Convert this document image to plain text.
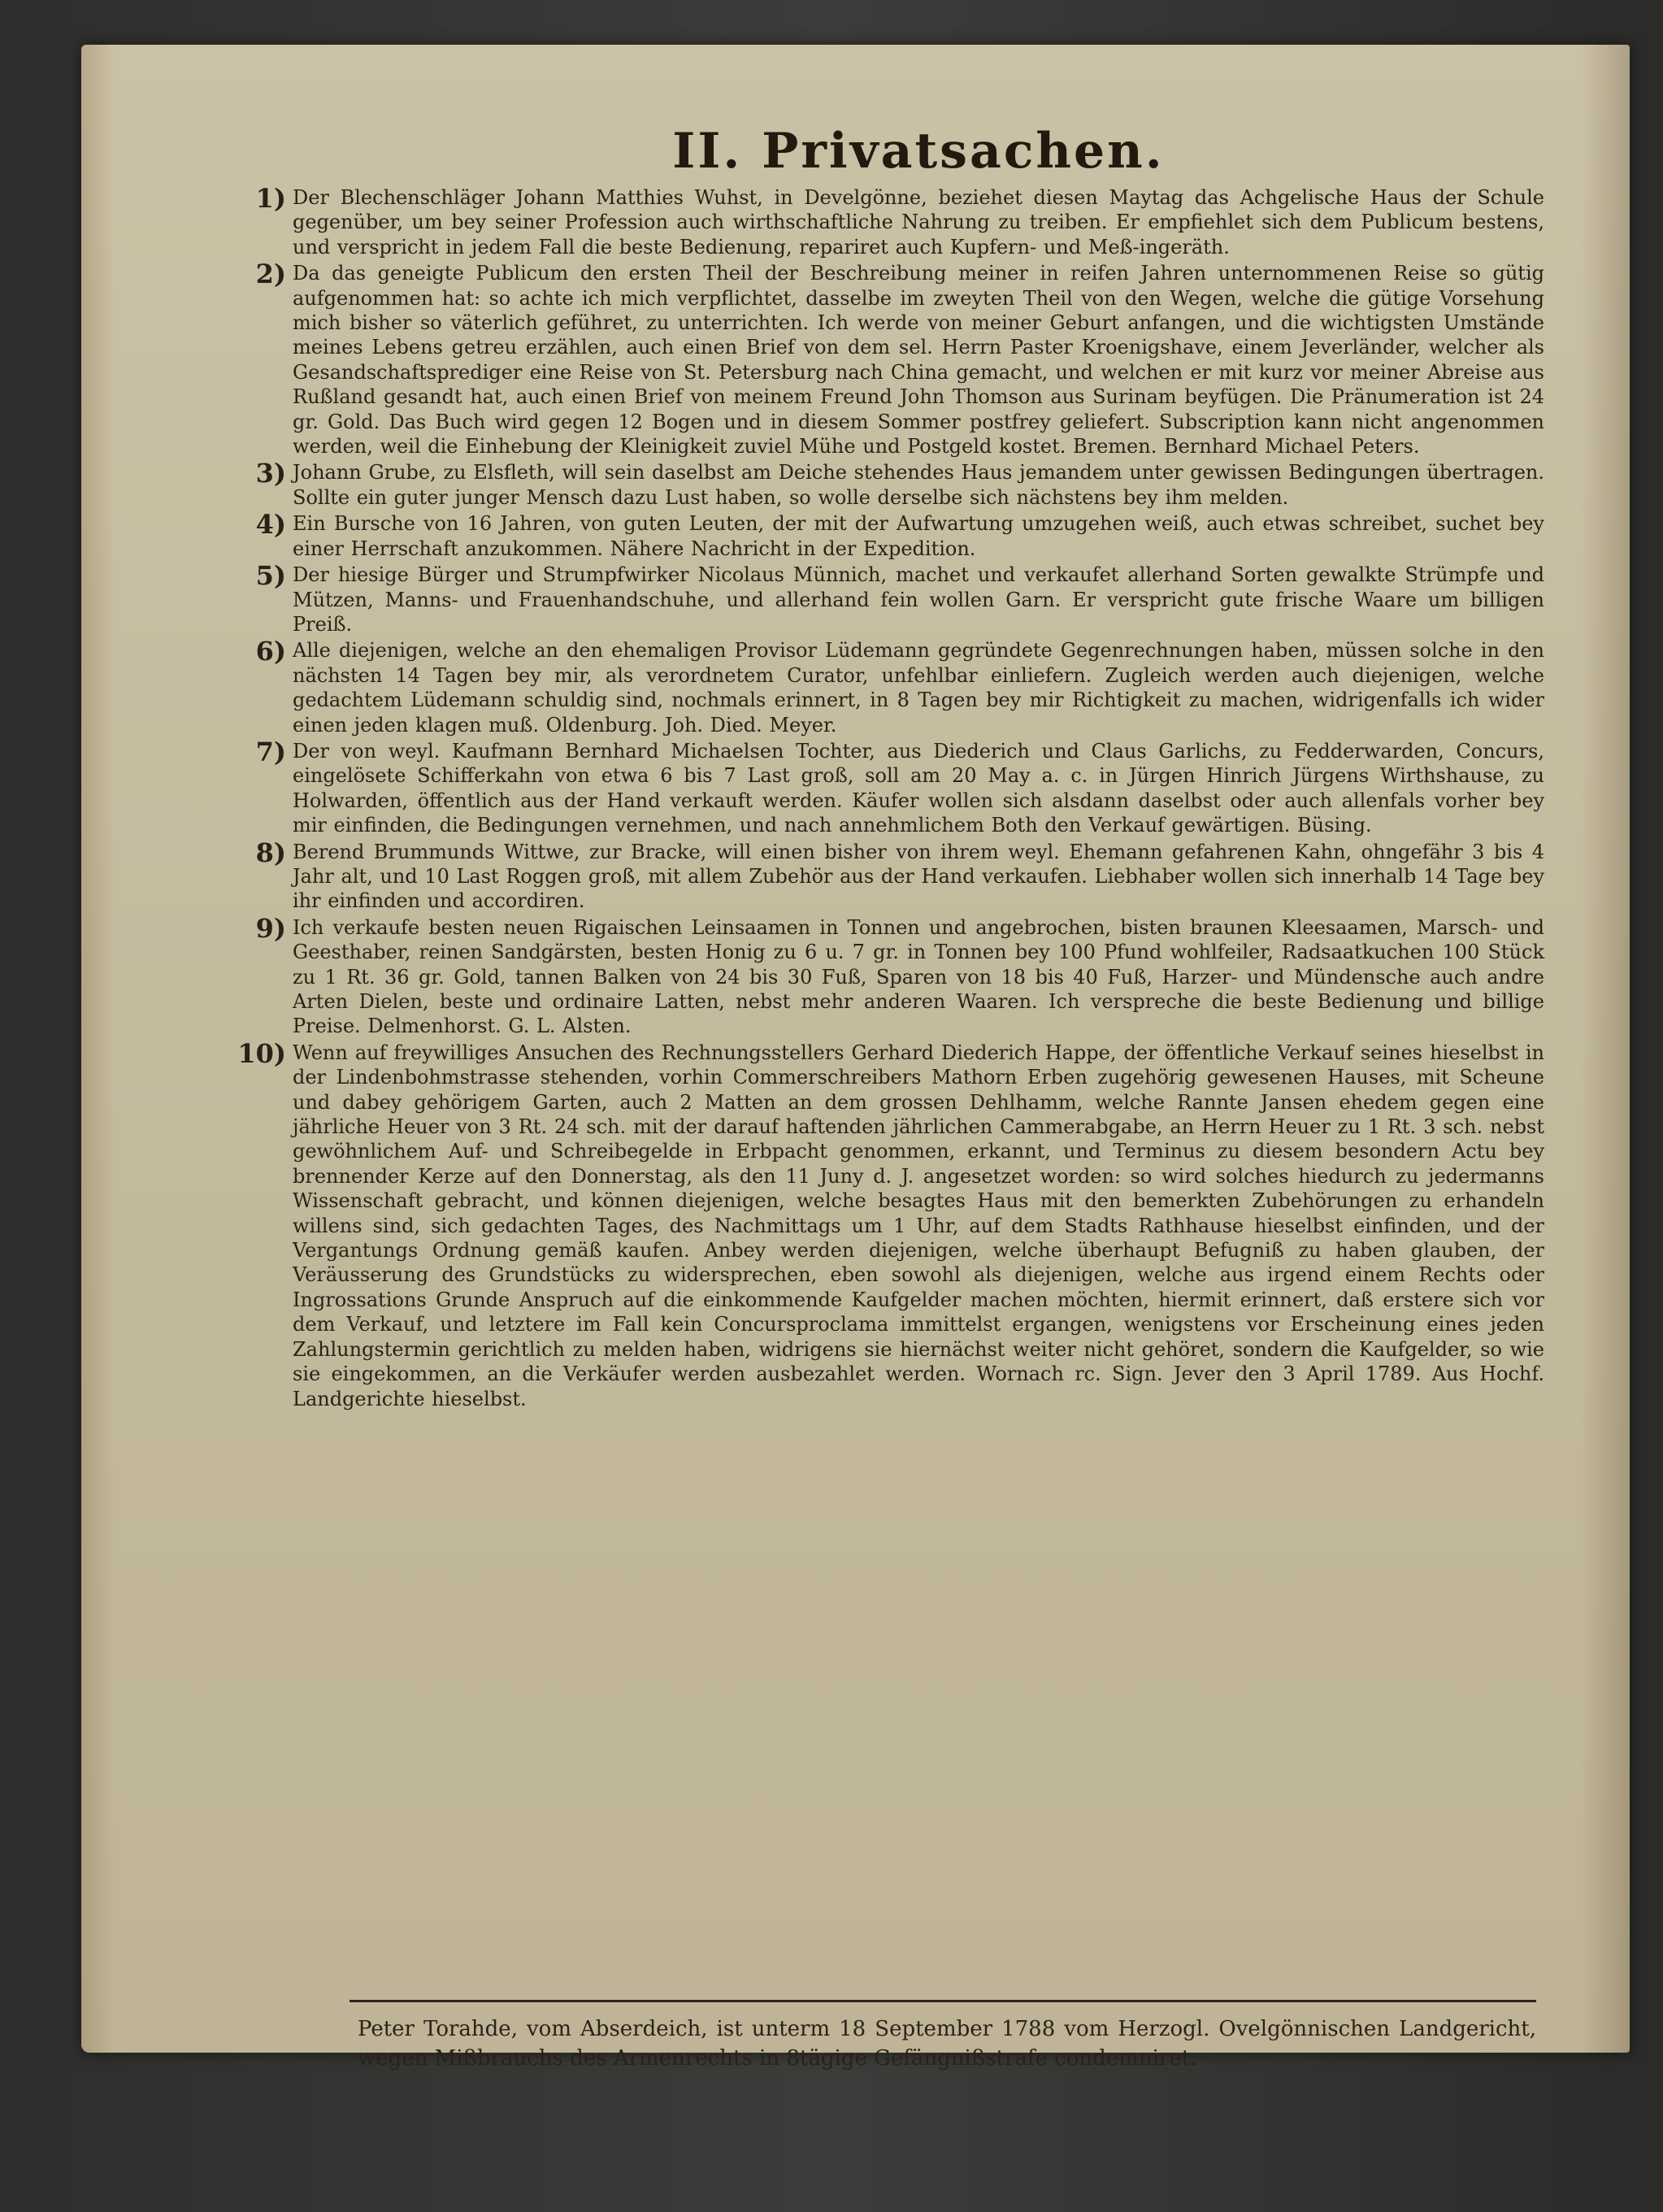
II. Privatsachen.
1) Der Blechenschläger Johann Matthies Wuhst, in Develgönne, beziehet diesen Maytag das Achgelische Haus der Schule gegenüber, um bey seiner Profession auch wirthschaftliche Nahrung zu treiben. Er empfiehlet sich dem Publicum bestens, und verspricht in jedem Fall die beste Bedienung, repariret auch Kupfern- und Meß-ingeräth.
2) Da das geneigte Publicum den ersten Theil der Beschreibung meiner in reifen Jahren unternommenen Reise so gütig aufgenommen hat: so achte ich mich verpflichtet, dasselbe im zweyten Theil von den Wegen, welche die gütige Vorsehung mich bisher so väterlich geführet, zu unterrichten. Ich werde von meiner Geburt anfangen, und die wichtigsten Umstände meines Lebens getreu erzählen, auch einen Brief von dem sel. Herrn Paster Kroenigshave, einem Jeverländer, welcher als Gesandschaftsprediger eine Reise von St. Petersburg nach China gemacht, und welchen er mit kurz vor meiner Abreise aus Rußland gesandt hat, auch einen Brief von meinem Freund John Thomson aus Surinam beyfügen. Die Pränumeration ist 24 gr. Gold. Das Buch wird gegen 12 Bogen und in diesem Sommer postfrey geliefert. Subscription kann nicht angenommen werden, weil die Einhebung der Kleinigkeit zuviel Mühe und Postgeld kostet. Bremen. Bernhard Michael Peters.
3) Johann Grube, zu Elsfleth, will sein daselbst am Deiche stehendes Haus jemandem unter gewissen Bedingungen übertragen. Sollte ein guter junger Mensch dazu Lust haben, so wolle derselbe sich nächstens bey ihm melden.
4) Ein Bursche von 16 Jahren, von guten Leuten, der mit der Aufwartung umzugehen weiß, auch etwas schreibet, suchet bey einer Herrschaft anzukommen. Nähere Nachricht in der Expedition.
5) Der hiesige Bürger und Strumpfwirker Nicolaus Münnich, machet und verkaufet allerhand Sorten gewalkte Strümpfe und Mützen, Manns- und Frauenhandschuhe, und allerhand fein wollen Garn. Er verspricht gute frische Waare um billigen Preiß.
6) Alle diejenigen, welche an den ehemaligen Provisor Lüdemann gegründete Gegenrechnungen haben, müssen solche in den nächsten 14 Tagen bey mir, als verordnetem Curator, unfehlbar einliefern. Zugleich werden auch diejenigen, welche gedachtem Lüdemann schuldig sind, nochmals erinnert, in 8 Tagen bey mir Richtigkeit zu machen, widrigenfalls ich wider einen jeden klagen muß. Oldenburg. Joh. Died. Meyer.
7) Der von weyl. Kaufmann Bernhard Michaelsen Tochter, aus Diederich und Claus Garlichs, zu Fedderwarden, Concurs, eingelösete Schifferkahn von etwa 6 bis 7 Last groß, soll am 20 May a. c. in Jürgen Hinrich Jürgens Wirthshause, zu Holwarden, öffentlich aus der Hand verkauft werden. Käufer wollen sich alsdann daselbst oder auch allenfals vorher bey mir einfinden, die Bedingungen vernehmen, und nach annehmlichem Both den Verkauf gewärtigen. Büsing.
8) Berend Brummunds Wittwe, zur Bracke, will einen bisher von ihrem weyl. Ehemann gefahrenen Kahn, ohngefähr 3 bis 4 Jahr alt, und 10 Last Roggen groß, mit allem Zubehör aus der Hand verkaufen. Liebhaber wollen sich innerhalb 14 Tage bey ihr einfinden und accordiren.
9) Ich verkaufe besten neuen Rigaischen Leinsaamen in Tonnen und angebrochen, bisten braunen Kleesaamen, Marsch- und Geesthaber, reinen Sandgärsten, besten Honig zu 6 u. 7 gr. in Tonnen bey 100 Pfund wohlfeiler, Radsaatkuchen 100 Stück zu 1 Rt. 36 gr. Gold, tannen Balken von 24 bis 30 Fuß, Sparen von 18 bis 40 Fuß, Harzer- und Mündensche auch andre Arten Dielen, beste und ordinaire Latten, nebst mehr anderen Waaren. Ich verspreche die beste Bedienung und billige Preise. Delmenhorst. G. L. Alsten.
10) Wenn auf freywilliges Ansuchen des Rechnungsstellers Gerhard Diederich Happe, der öffentliche Verkauf seines hieselbst in der Lindenbohmstrasse stehenden, vorhin Commerschreibers Mathorn Erben zugehörig gewesenen Hauses, mit Scheune und dabey gehörigem Garten, auch 2 Matten an dem grossen Dehlhamm, welche Rannte Jansen ehedem gegen eine jährliche Heuer von 3 Rt. 24 sch. mit der darauf haftenden jährlichen Cammerabgabe, an Herrn Heuer zu 1 Rt. 3 sch. nebst gewöhnlichem Auf- und Schreibegelde in Erbpacht genommen, erkannt, und Terminus zu diesem besondern Actu bey brennender Kerze auf den Donnerstag, als den 11 Juny d. J. angesetzet worden: so wird solches hiedurch zu jedermanns Wissenschaft gebracht, und können diejenigen, welche besagtes Haus mit den bemerkten Zubehörungen zu erhandeln willens sind, sich gedachten Tages, des Nachmittags um 1 Uhr, auf dem Stadts Rathhause hieselbst einfinden, und der Vergantungs Ordnung gemäß kaufen. Anbey werden diejenigen, welche überhaupt Befugniß zu haben glauben, der Veräusserung des Grundstücks zu widersprechen, eben sowohl als diejenigen, welche aus irgend einem Rechts oder Ingrossations Grunde Anspruch auf die einkommende Kaufgelder machen möchten, hiermit erinnert, daß erstere sich vor dem Verkauf, und letztere im Fall kein Concursproclama immittelst ergangen, wenigstens vor Erscheinung eines jeden Zahlungstermin gerichtlich zu melden haben, widrigens sie hiernächst weiter nicht gehöret, sondern die Kaufgelder, so wie sie eingekommen, an die Verkäufer werden ausbezahlet werden. Wornach rc. Sign. Jever den 3 April 1789. Aus Hochf. Landgerichte hieselbst.
Peter Torahde, vom Abserdeich, ist unterm 18 September 1788 vom Herzogl. Ovelgönnischen Landgericht, wegen Mißbrauchs des Armenrechts in 8tägige Gefängnißstrafe condemniret.
